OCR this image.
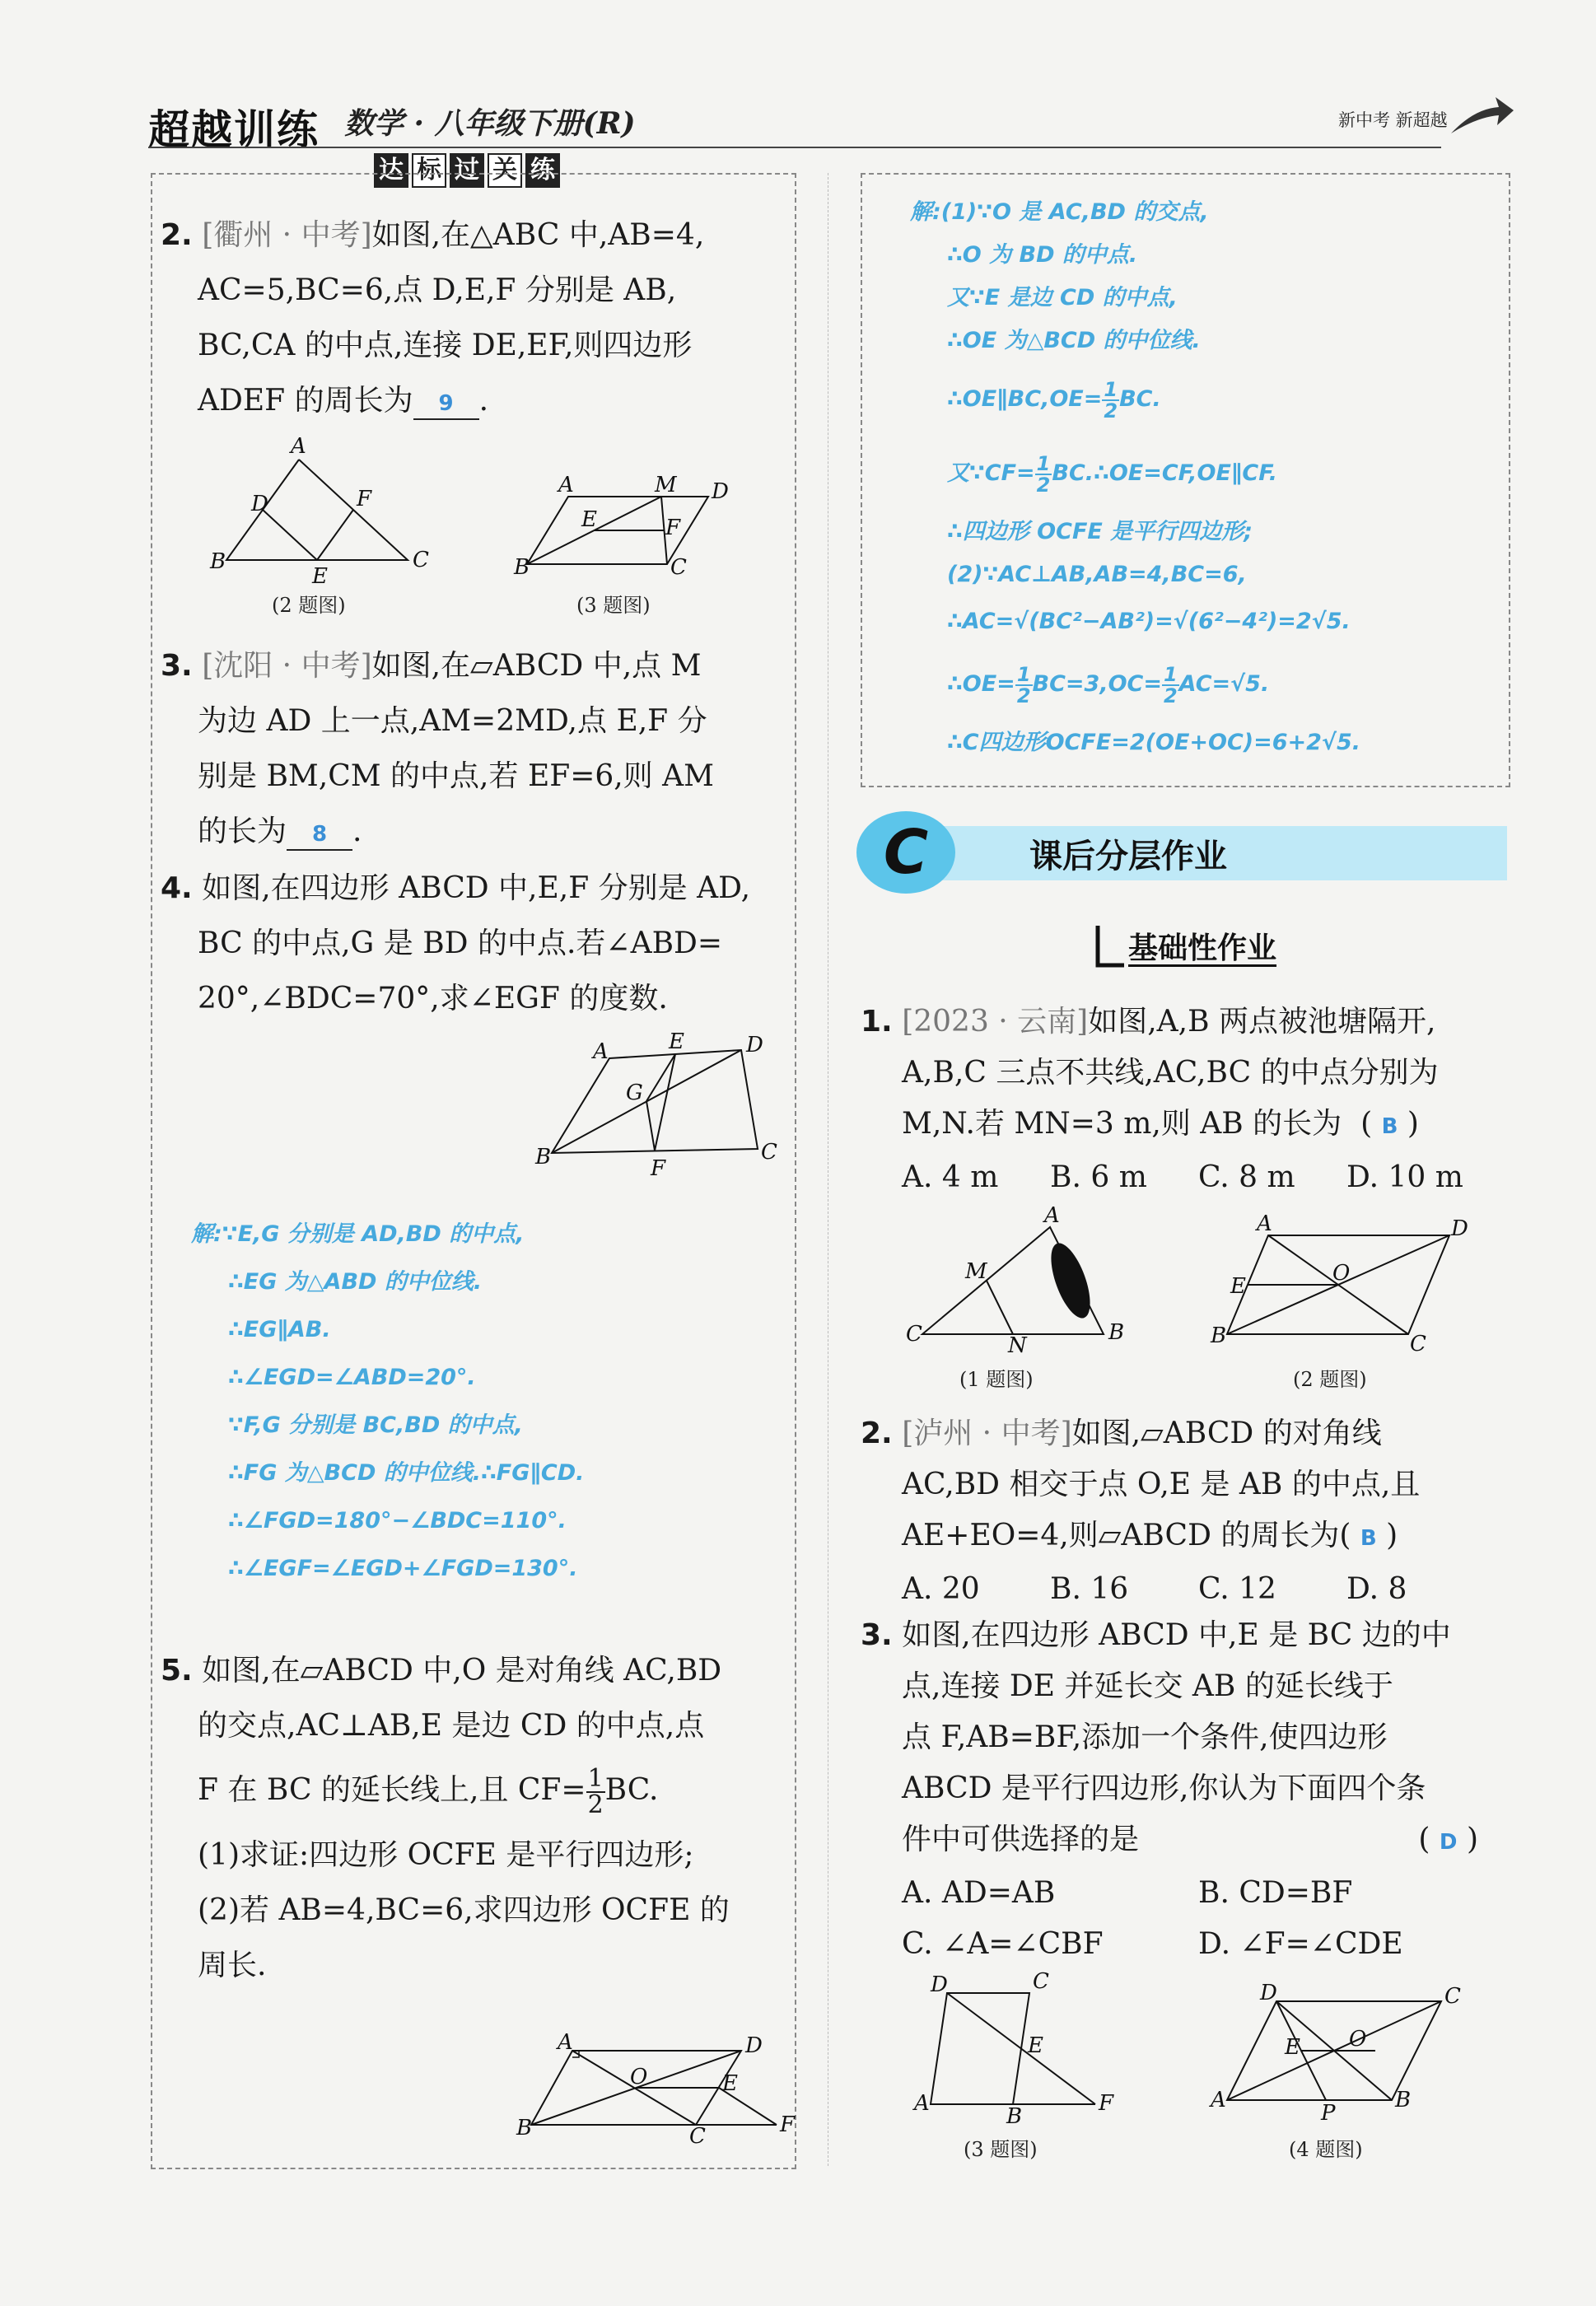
超越训练 数学 · 八年级下册(R)	新中考 新超越
达 标 过 关 练
2. [衢州 · 中考]如图,在△ABC 中,AB=4,
AC=5,BC=6,点 D,E,F 分别是 AB,
BC,CA 的中点,连接 DE,EF,则四边形
ADEF 的周长为 9 .
A
D	F
B
E
C
(2 题图)
A	M D
E	F
B	C
(3 题图)
3. [沈阳 · 中考]如图,在▱ABCD 中,点 M
为边 AD 上一点,AM=2MD,点 E,F 分
别是 BM,CM 的中点,若 EF=6,则 AM
的长为 8 .
4. 如图,在四边形 ABCD 中,E,F 分别是 AD,
BC 的中点,G 是 BD 的中点.若∠ABD=
20°,∠BDC=70°,求∠EGF 的度数.
A	E	D
G
B	F
C
解:∵E,G 分别是 AD,BD 的中点,
∴EG 为△ABD 的中位线.
∴EG∥AB.
∴∠EGD=∠ABD=20°.
∵F,G 分别是 BC,BD 的中点,
∴FG 为△BCD 的中位线.∴FG∥CD.
∴∠FGD=180°−∠BDC=110°.
∴∠EGF=∠EGD+∠FGD=130°.
5. 如图,在▱ABCD 中,O 是对角线 AC,BD
的交点,AC⊥AB,E 是边 CD 的中点,点
F 在 BC 的延长线上,且 $CF= \frac{1}{2}$ BC.
(1)求证:四边形 OCFE 是平行四边形;
(2)若 AB=4,BC=6,求四边形 OCFE 的
周长.
A	D
O	E
B	C	F
解:(1)∵O 是 AC,BD 的交点,
∴O 为 BD 的中点.
又∵E 是边 CD 的中点,
∴OE 为△BCD 的中位线.
∴OE∥BC,OE= $\frac{1}{2}$ BC.
又∵CF= $\frac{1}{2}$ BC.∴OE=CF,OE∥CF.
∴四边形 OCFE 是平行四边形;
(2)∵AC⊥AB,AB=4,BC=6,
∴AC=√(BC²−AB²)=√(6²−4²)=2√5.
∴OE= $\frac{1}{2} BC=3,OC= \frac{1}{2} AC=√5$.
∴C四边形OCFE=2(OE+OC)=6+2√5.
C	课后分层作业
基础性作业
1. [2023 · 云南]如图,A,B 两点被池塘隔开,
A,B,C 三点不共线,AC,BC 的中点分别为
M,N.若 MN=3 m,则 AB 的长为  ( B )
A. 4 m	B. 6 m	C. 8 m	D. 10 m
A
M
C	N
B
(1 题图)
A	D
E
O
B	C
(2 题图)
2. [泸州 · 中考]如图,▱ABCD 的对角线
AC,BD 相交于点 O,E 是 AB 的中点,且
AE+EO=4,则▱ABCD 的周长为( B )
A. 20	B. 16	C. 12	D. 8
3. 如图,在四边形 ABCD 中,E 是 BC 边的中
点,连接 DE 并延长交 AB 的延长线于
点 F,AB=BF,添加一个条件,使四边形
ABCD 是平行四边形,你认为下面四个条
件中可供选择的是	( D )
A. AD=AB	B. CD=BF
C. ∠A=∠CBF	D. ∠F=∠CDE
D	C
E
A
B
F
(3 题图)
D	C
E O
A
P
B
(4 题图)
